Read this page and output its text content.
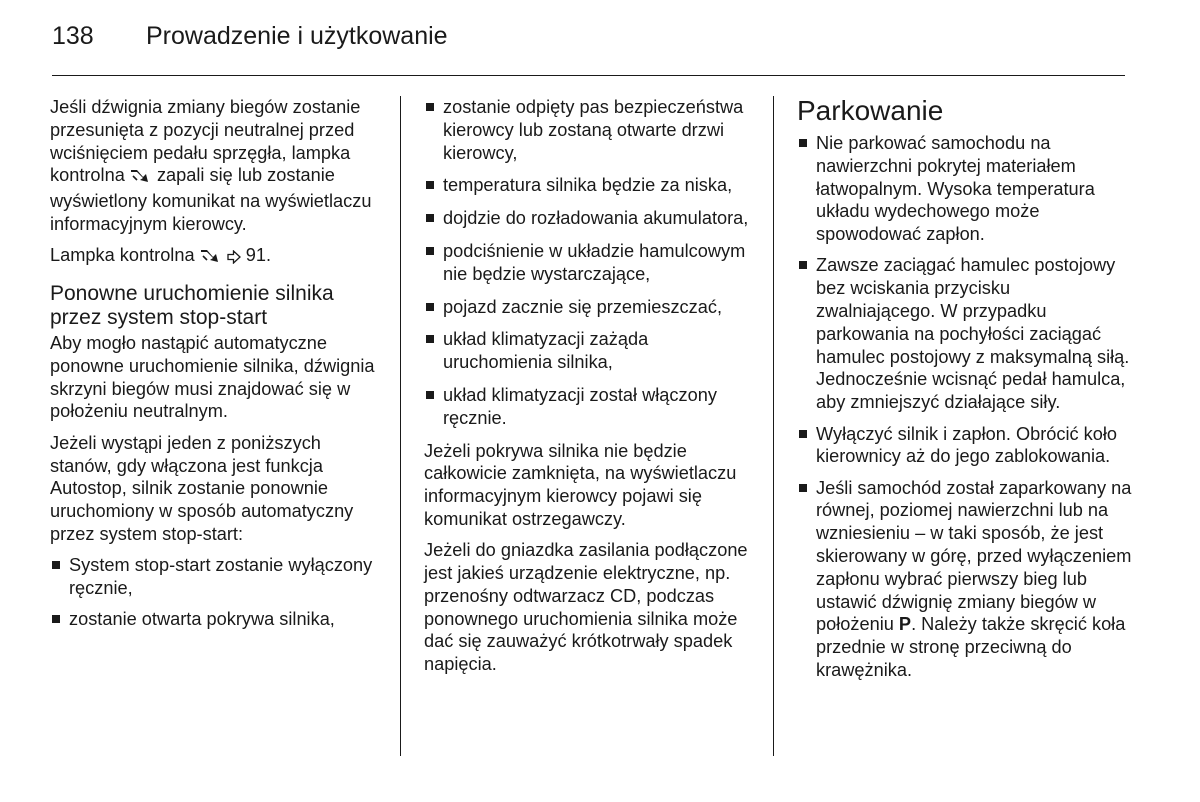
138	Prowadzenie i użytkowanie

Jeśli dźwignia zmiany biegów zostanie przesunięta z pozycji neutralnej przed wciśnięciem pedału sprzęgła, lampka kontrolna  zapali się lub zostanie wyświetlony komunikat na wyświetlaczu informacyjnym kierowcy.

Lampka kontrolna	91.

Ponowne uruchomienie silnika przez system stop-start

Aby mogło nastąpić automatyczne ponowne uruchomienie silnika, dźwignia skrzyni biegów musi znajdować się w położeniu neutralnym.

Jeżeli wystąpi jeden z poniższych stanów, gdy włączona jest funkcja Autostop, silnik zostanie ponownie uruchomiony w sposób automatyczny przez system stop-start:

System stop-start zostanie wyłączony ręcznie,
zostanie otwarta pokrywa silnika,
zostanie odpięty pas bezpieczeństwa kierowcy lub zostaną otwarte drzwi kierowcy,
temperatura silnika będzie za niska,
dojdzie do rozładowania akumulatora,
podciśnienie w układzie hamulcowym nie będzie wystarczające,
pojazd zacznie się przemieszczać,
układ klimatyzacji zażąda uruchomienia silnika,
układ klimatyzacji został włączony ręcznie.

Jeżeli pokrywa silnika nie będzie całkowicie zamknięta, na wyświetlaczu informacyjnym kierowcy pojawi się komunikat ostrzegawczy.

Jeżeli do gniazdka zasilania podłączone jest jakieś urządzenie elektryczne, np. przenośny odtwarzacz CD, podczas ponownego uruchomienia silnika może dać się zauważyć krótkotrwały spadek napięcia.

Parkowanie
Nie parkować samochodu na nawierzchni pokrytej materiałem łatwopalnym. Wysoka temperatura układu wydechowego może spowodować zapłon.
Zawsze zaciągać hamulec postojowy bez wciskania przycisku zwalniającego. W przypadku parkowania na pochyłości zaciągać hamulec postojowy z maksymalną siłą. Jednocześnie wcisnąć pedał hamulca, aby zmniejszyć działające siły.
Wyłączyć silnik i zapłon. Obrócić koło kierownicy aż do jego zablokowania.
Jeśli samochód został zaparkowany na równej, poziomej nawierzchni lub na wzniesieniu – w taki sposób, że jest skierowany w górę, przed wyłączeniem zapłonu wybrać pierwszy bieg lub ustawić dźwignię zmiany biegów w położeniu P. Należy także skręcić koła przednie w stronę przeciwną do krawężnika.
